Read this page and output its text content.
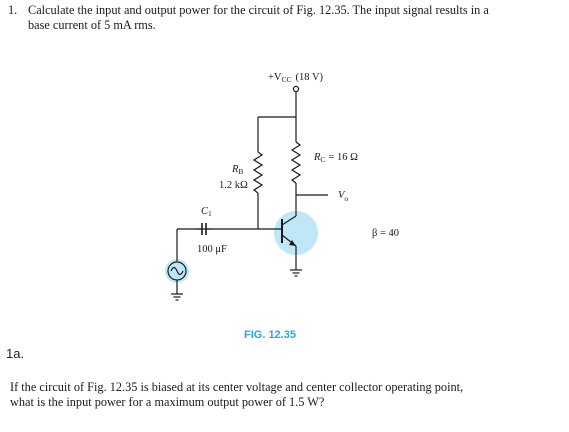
1. Calculate the input and output power for the circuit of Fig. 12.35. The input signal results in a
base current of 5 mA rms.

+VCC (18 V)
RC = 16 Ω
RB
1.2 kΩ
C1
100 μF
$V_o$
β = 40
FIG. 12.35

1a.

If the circuit of Fig. 12.35 is biased at its center voltage and center collector operating point,
what is the input power for a maximum output power of 1.5 W?
